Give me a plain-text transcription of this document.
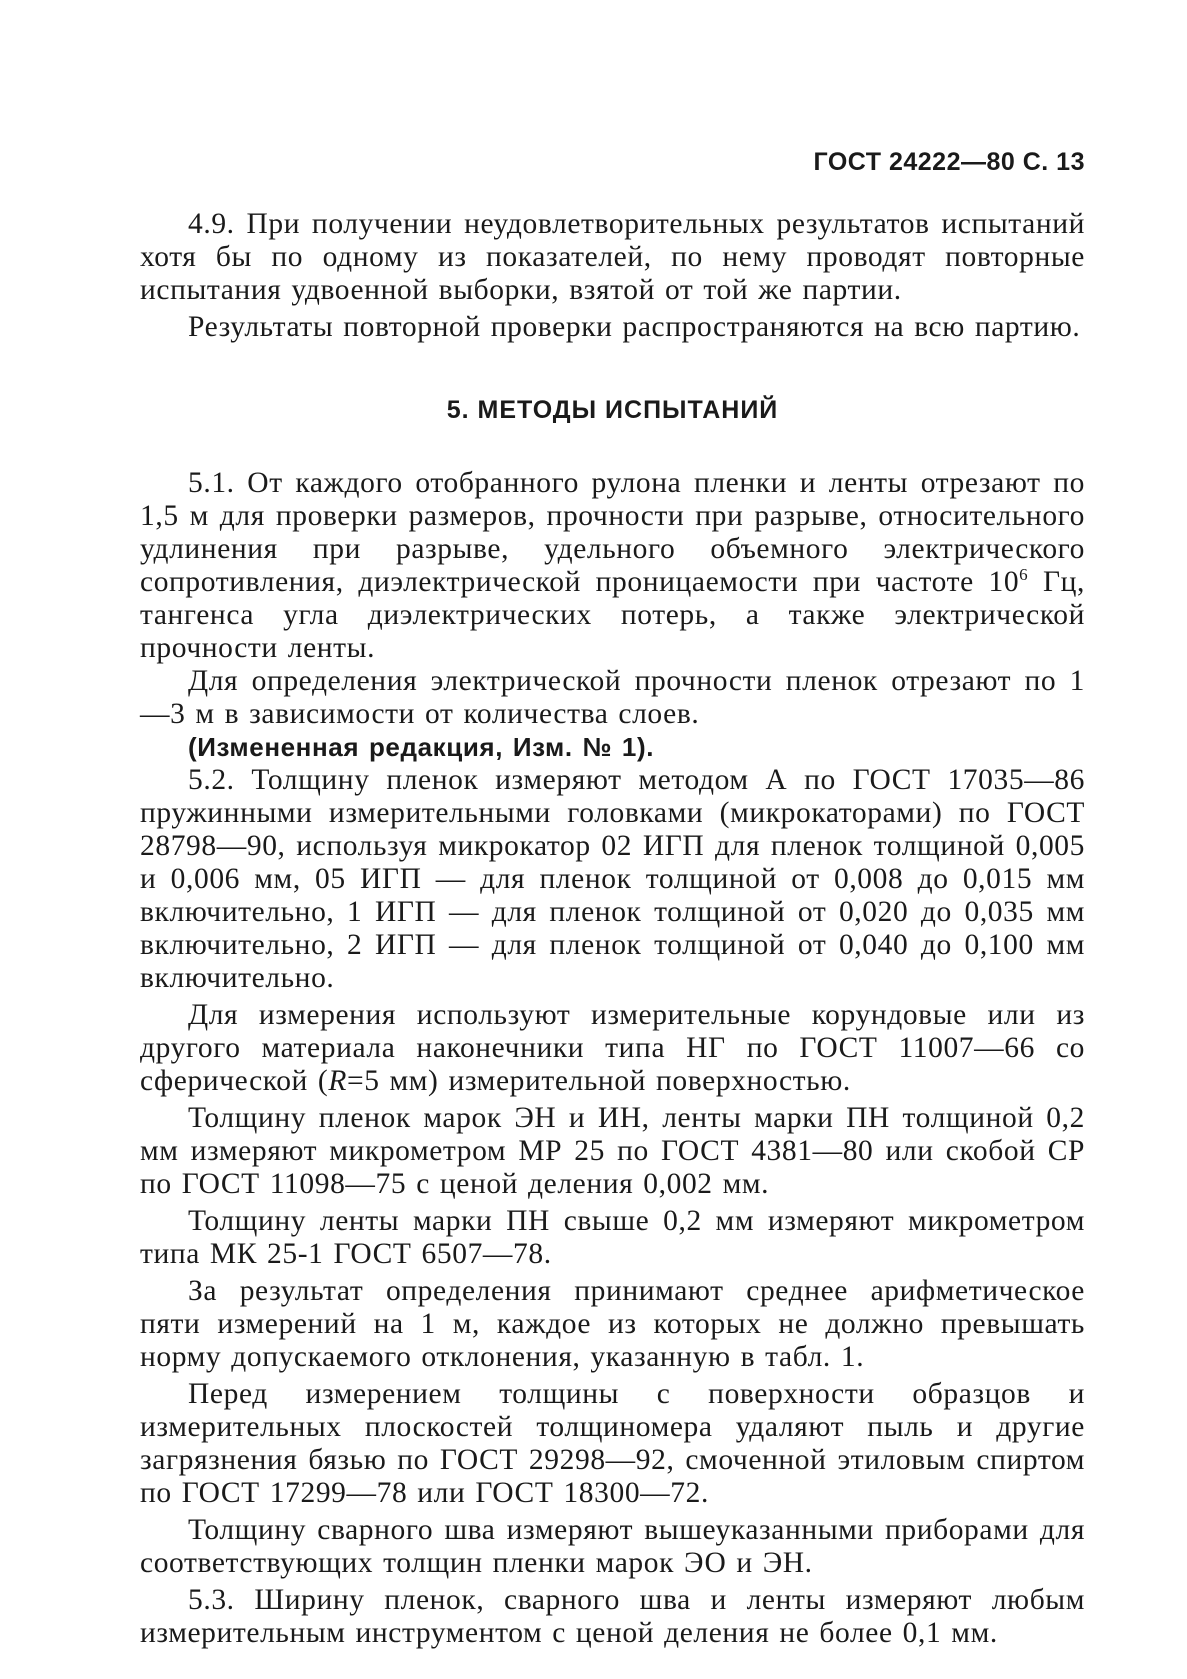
ГОСТ 24222—80 С. 13

4.9. При получении неудовлетворительных результатов испытаний хотя бы по одному из показателей, по нему проводят повторные испытания удвоенной выборки, взятой от той же партии.

Результаты повторной проверки распространяются на всю партию.

5. МЕТОДЫ ИСПЫТАНИЙ

5.1. От каждого отобранного рулона пленки и ленты отрезают по 1,5 м для проверки размеров, прочности при разрыве, относительного удлинения при разрыве, удельного объемного электрического сопротивления, диэлектрической проницаемости при частоте $10^6$ Гц, тангенса угла диэлектрических потерь, а также электрической прочности ленты.

Для определения электрической прочности пленок отрезают по 1—3 м в зависимости от количества слоев.

(Измененная редакция, Изм. № 1).

5.2. Толщину пленок измеряют методом А по ГОСТ 17035—86 пружинными измерительными головками (микрокаторами) по ГОСТ 28798—90, используя микрокатор 02 ИГП для пленок толщиной 0,005 и 0,006 мм, 05 ИГП — для пленок толщиной от 0,008 до 0,015 мм включительно, 1 ИГП — для пленок толщиной от 0,020 до 0,035 мм включительно, 2 ИГП — для пленок толщиной от 0,040 до 0,100 мм включительно.

Для измерения используют измерительные корундовые или из другого материала наконечники типа НГ по ГОСТ 11007—66 со сферической (R=5 мм) измерительной поверхностью.

Толщину пленок марок ЭН и ИН, ленты марки ПН толщиной 0,2 мм измеряют микрометром МР 25 по ГОСТ 4381—80 или скобой СР по ГОСТ 11098—75 с ценой деления 0,002 мм.

Толщину ленты марки ПН свыше 0,2 мм измеряют микрометром типа МК 25-1 ГОСТ 6507—78.

За результат определения принимают среднее арифметическое пяти измерений на 1 м, каждое из которых не должно превышать норму допускаемого отклонения, указанную в табл. 1.

Перед измерением толщины с поверхности образцов и измерительных плоскостей толщиномера удаляют пыль и другие загрязнения бязью по ГОСТ 29298—92, смоченной этиловым спиртом по ГОСТ 17299—78 или ГОСТ 18300—72.

Толщину сварного шва измеряют вышеуказанными приборами для соответствующих толщин пленки марок ЭО и ЭН.

5.3. Ширину пленок, сварного шва и ленты измеряют любым измерительным инструментом с ценой деления не более 0,1 мм.
